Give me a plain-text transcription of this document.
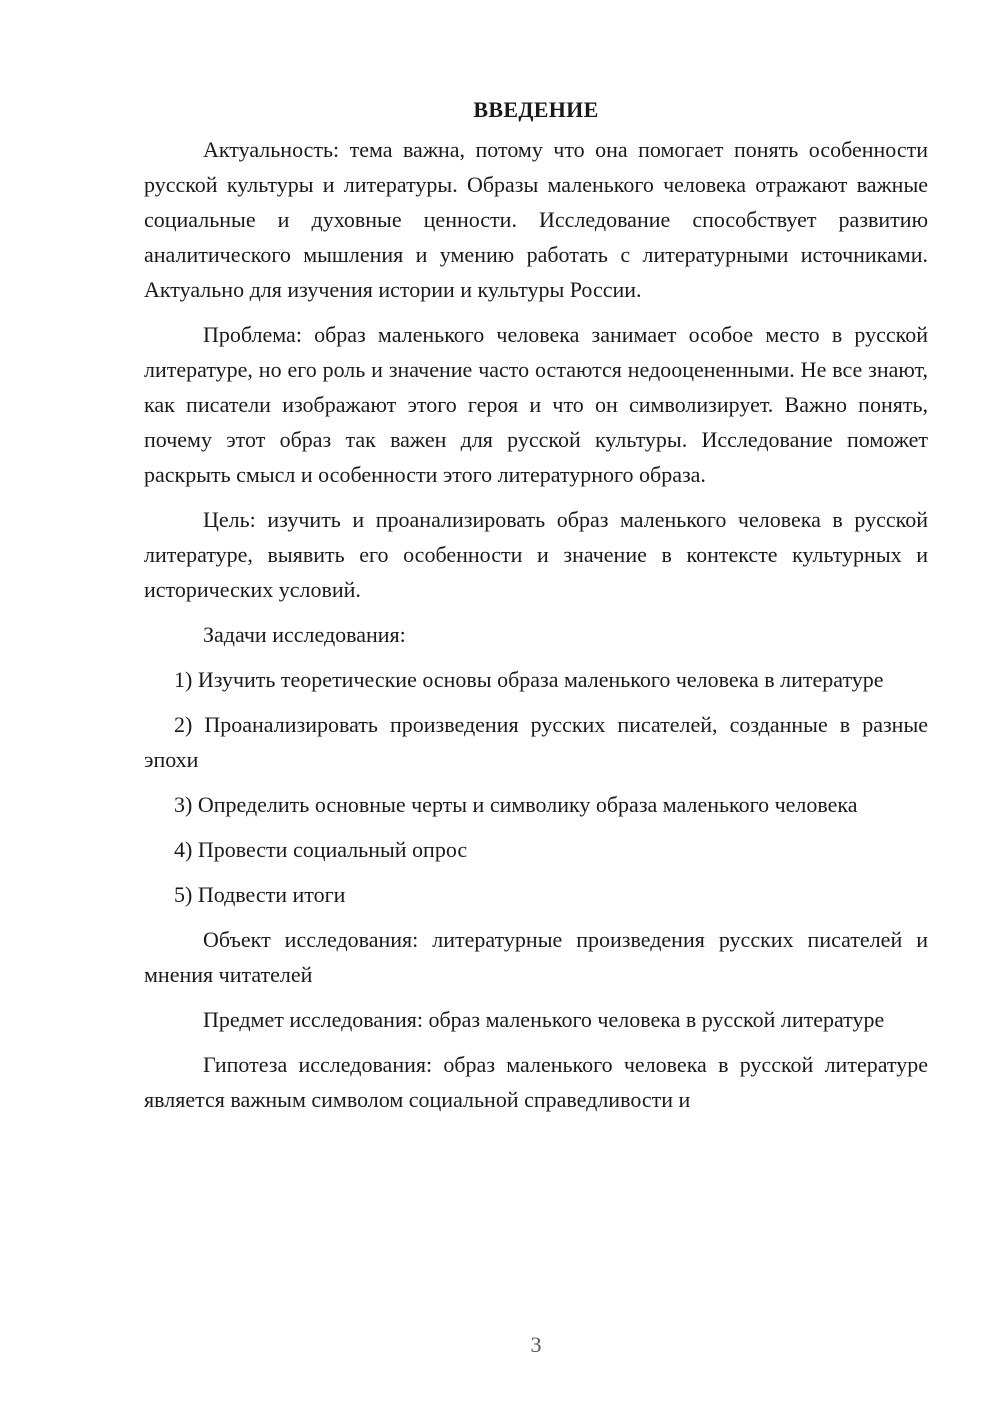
ВВЕДЕНИЕ

Актуальность: тема важна, потому что она помогает понять особенности русской культуры и литературы. Образы маленького человека отражают важные социальные и духовные ценности. Исследование способствует развитию аналитического мышления и умению работать с литературными источниками. Актуально для изучения истории и культуры России.

Проблема: образ маленького человека занимает особое место в русской литературе, но его роль и значение часто остаются недооцененными. Не все знают, как писатели изображают этого героя и что он символизирует. Важно понять, почему этот образ так важен для русской культуры. Исследование поможет раскрыть смысл и особенности этого литературного образа.

Цель: изучить и проанализировать образ маленького человека в русской литературе, выявить его особенности и значение в контексте культурных и исторических условий.

Задачи исследования:

1) Изучить теоретические основы образа маленького человека в литературе

2) Проанализировать произведения русских писателей, созданные в разные эпохи

3) Определить основные черты и символику образа маленького человека

4) Провести социальный опрос

5) Подвести итоги

Объект исследования: литературные произведения русских писателей и мнения читателей

Предмет исследования: образ маленького человека в русской литературе

Гипотеза исследования: образ маленького человека в русской литературе является важным символом социальной справедливости и

3
